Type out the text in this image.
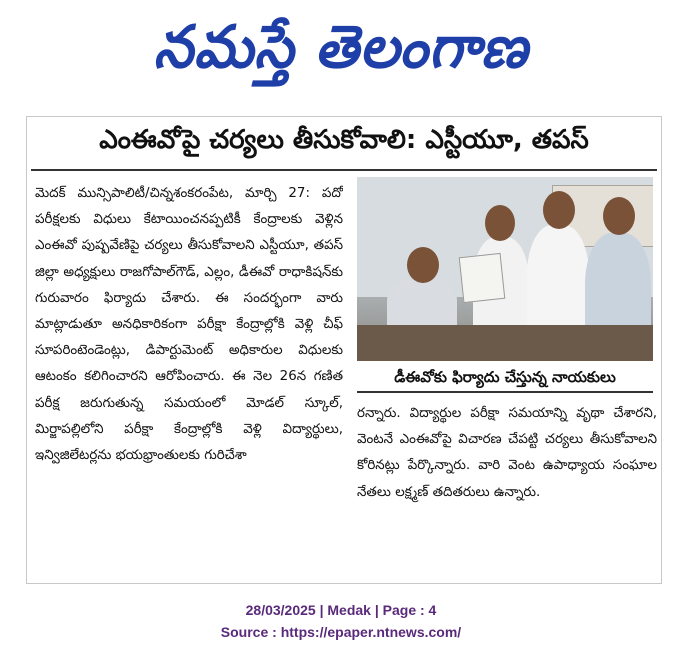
నమస్తే తెలంగాణ
ఎంఈవోపై చర్యలు తీసుకోవాలి: ఎస్టీయూ, తపస్
మెదక్ మున్సిపాలిటీ/చిన్నశంకరంపేట, మార్చి 27: పదో పరీక్షలకు విధులు కేటాయించనప్పటికీ కేంద్రాలకు వెళ్లిన ఎంఈవో పుష్పవేణిపై చర్యలు తీసుకోవాలని ఎస్టీయూ, తపస్ జిల్లా అధ్యక్షులు రాజగోపాల్‌గౌడ్, ఎల్లం, డీఈవో రాధాకిషన్‌కు గురువారం ఫిర్యాదు చేశారు. ఈ సందర్భంగా వారు మాట్లాడుతూ అనధికారికంగా పరీక్షా కేంద్రాల్లోకి వెళ్లి చీఫ్ సూపరింటెండెంట్లు, డిపార్టుమెంట్ అధికారుల విధులకు ఆటంకం కలిగించారని ఆరోపించారు. ఈ నెల 26న గణిత పరీక్ష జరుగుతున్న సమయంలో మోడల్ స్కూల్, మిర్జాపల్లిలోని పరీక్షా కేంద్రాల్లోకి వెళ్లి విద్యార్థులు, ఇన్విజిలేటర్లను భయభ్రాంతులకు గురిచేశా
డీఈవోకు ఫిర్యాదు చేస్తున్న నాయకులు
రన్నారు. విద్యార్థుల పరీక్షా సమయాన్ని వృథా చేశారని, వెంటనే ఎంఈవోపై విచారణ చేపట్టి చర్యలు తీసుకోవాలని కోరినట్లు పేర్కొన్నారు. వారి వెంట ఉపాధ్యాయ సంఘాల నేతలు లక్ష్మణ్ తదితరులు ఉన్నారు.
28/03/2025 | Medak | Page : 4
Source : https://epaper.ntnews.com/
